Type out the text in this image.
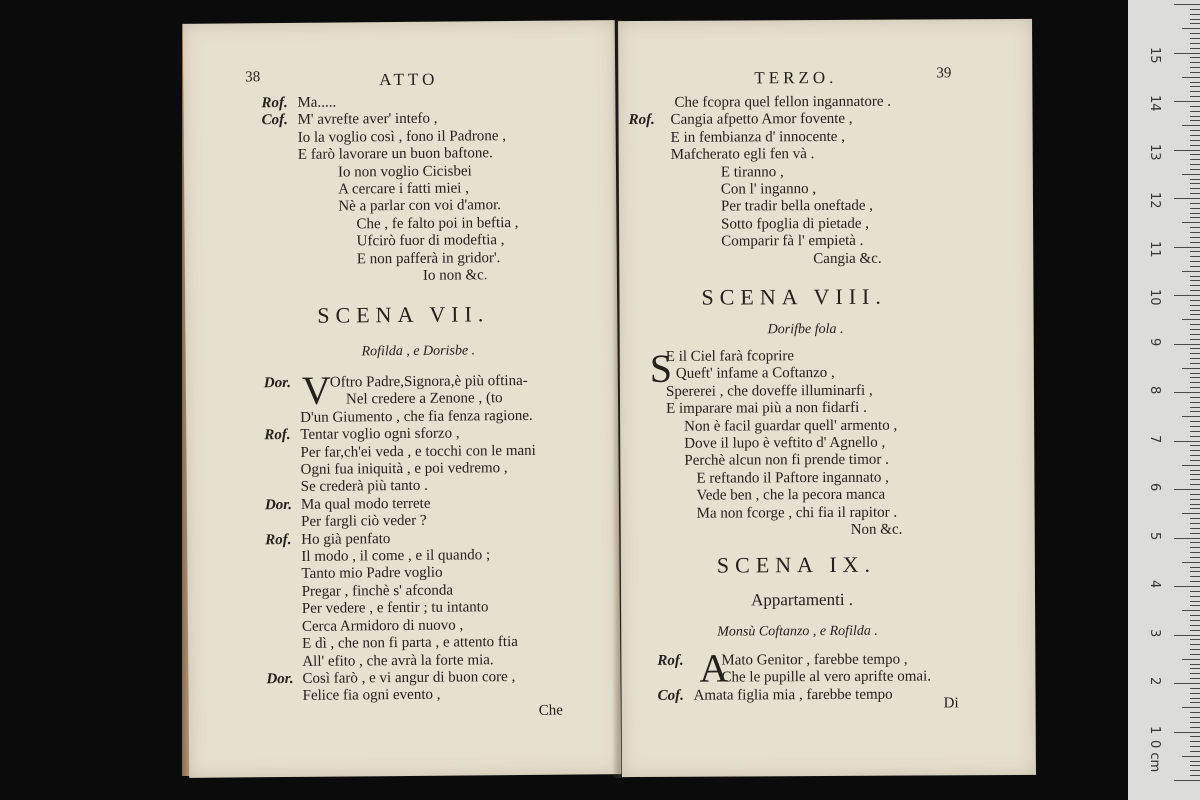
38	ATTO
Rof. Ma.....
Cof. M' avrefte aver' intefo ,
Io la voglio così , fono il Padrone ,
E farò lavorare un buon baftone.
Io non voglio Cicisbei
A cercare i fatti miei ,
Nè a parlar con voi d'amor.
Che , fe falto poi in beftia ,
Ufcirò fuor di modeftia ,
E non pafferà in gridor'.
Io non &c.
SCENA VII.
Rofilda , e Dorisbe .
V
Dor.	Oftro Padre,Signora,è più oftina-
Nel credere a Zenone , (to
D'un Giumento , che fia fenza ragione.
Rof. Tentar voglio ogni sforzo ,
Per far,ch'ei veda , e tocchi con le mani
Ogni fua iniquità , e poi vedremo ,
Se crederà più tanto .
Dor. Ma qual modo terrete
Per fargli ciò veder ?
Rof. Ho già penfato
Il modo , il come , e il quando ;
Tanto mio Padre voglio
Pregar , finchè s' afconda
Per vedere , e fentir ; tu intanto
Cerca Armidoro di nuovo ,
E dì , che non fi parta , e attento ftia
All' efito , che avrà la forte mia.
Dor. Così farò , e vi angur di buon core ,
Felice fia ogni evento ,
Che
TERZO.	39
Che fcopra quel fellon ingannatore .
Rof.	Cangia afpetto Amor fovente ,
E in fembianza d' innocente ,
Mafcherato egli fen và .
E tiranno ,
Con l' inganno ,
Per tradir bella oneftade ,
Sotto fpoglia di pietade ,
Comparir fà l' empietà .
Cangia &c.
SCENA VIII.
Dorifbe fola .
S
E il Ciel farà fcoprire
Queft' infame a Coftanzo ,
Spererei , che doveffe illuminarfi ,
E imparare mai più a non fidarfi .
Non è facil guardar quell' armento ,
Dove il lupo è veftito d' Agnello ,
Perchè alcun non fi prende timor .
E reftando il Paftore ingannato ,
Vede ben , che la pecora manca
Ma non fcorge , chi fia il rapitor .
Non &c.
SCENA IX.
Appartamenti .
Monsù Coftanzo , e Rofilda .
A
Rof.	Mato Genitor , farebbe tempo ,
Che le pupille al vero aprifte omai.
Cof. Amata figlia mia , farebbe tempo	Di
0 cm
1
2
3
4
5
6
7
8
9
10
11
12
13
14
15
